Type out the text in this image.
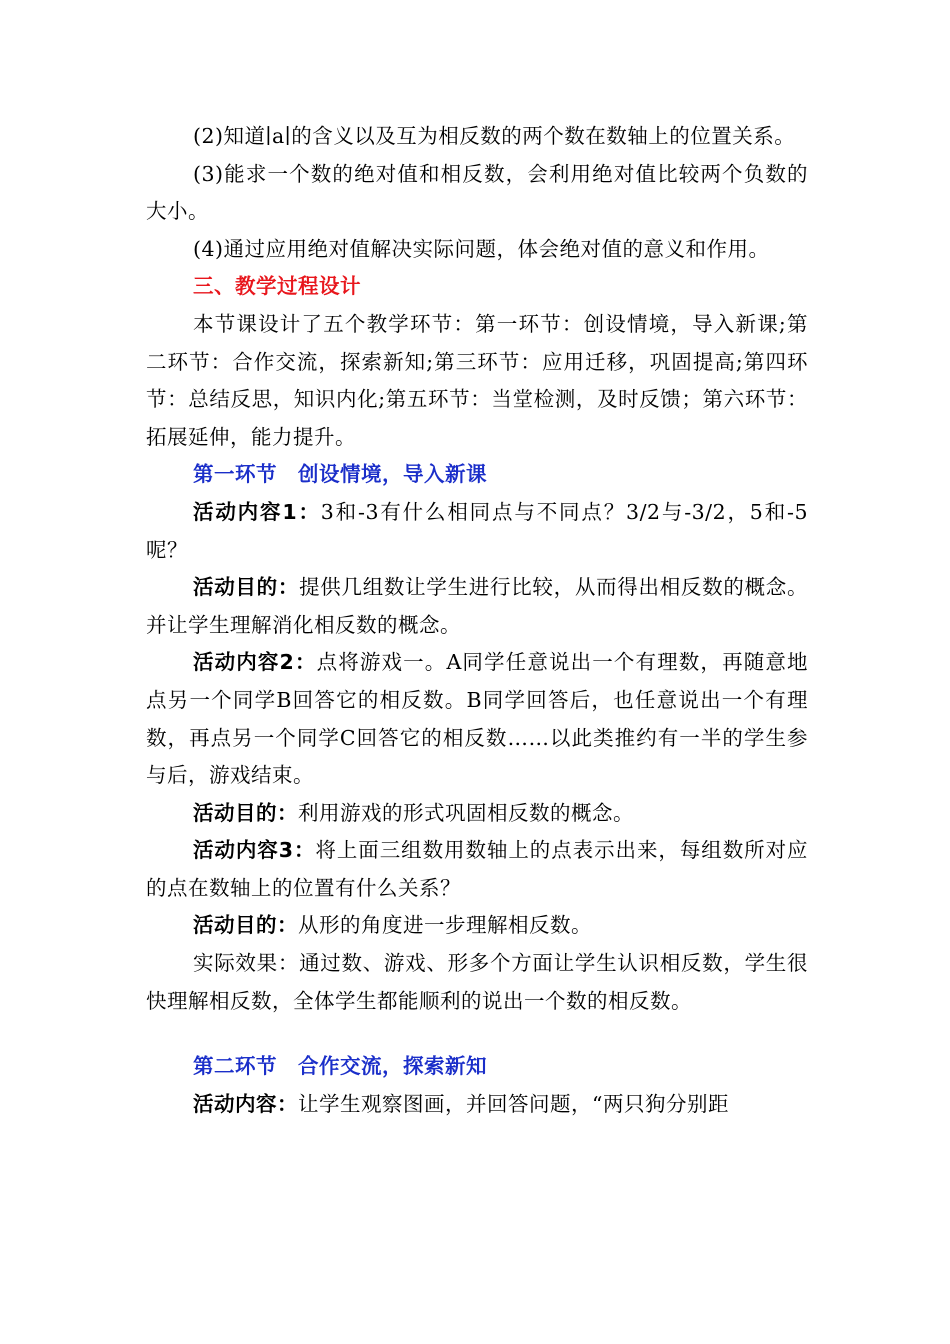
(2)知道∣a∣的含义以及互为相反数的两个数在数轴上的位置关系。

(3)能求一个数的绝对值和相反数，会利用绝对值比较两个负数的大小。

(4)通过应用绝对值解决实际问题，体会绝对值的意义和作用。

三、教学过程设计

本节课设计了五个教学环节：第一环节：创设情境，导入新课;第二环节：合作交流，探索新知;第三环节：应用迁移，巩固提高;第四环节：总结反思，知识内化;第五环节：当堂检测，及时反馈；第六环节：拓展延伸，能力提升。

第一环节　创设情境，导入新课

活动内容1：3和-3有什么相同点与不同点？3/2与-3/2，5和-5呢？

活动目的：提供几组数让学生进行比较，从而得出相反数的概念。并让学生理解消化相反数的概念。

活动内容2：点将游戏一。A同学任意说出一个有理数，再随意地点另一个同学B回答它的相反数。B同学回答后，也任意说出一个有理数，再点另一个同学C回答它的相反数……以此类推约有一半的学生参与后，游戏结束。

活动目的：利用游戏的形式巩固相反数的概念。

活动内容3：将上面三组数用数轴上的点表示出来，每组数所对应的点在数轴上的位置有什么关系？

活动目的：从形的角度进一步理解相反数。

实际效果：通过数、游戏、形多个方面让学生认识相反数，学生很快理解相反数，全体学生都能顺利的说出一个数的相反数。

第二环节　合作交流，探索新知

活动内容：让学生观察图画，并回答问题，“两只狗分别距
